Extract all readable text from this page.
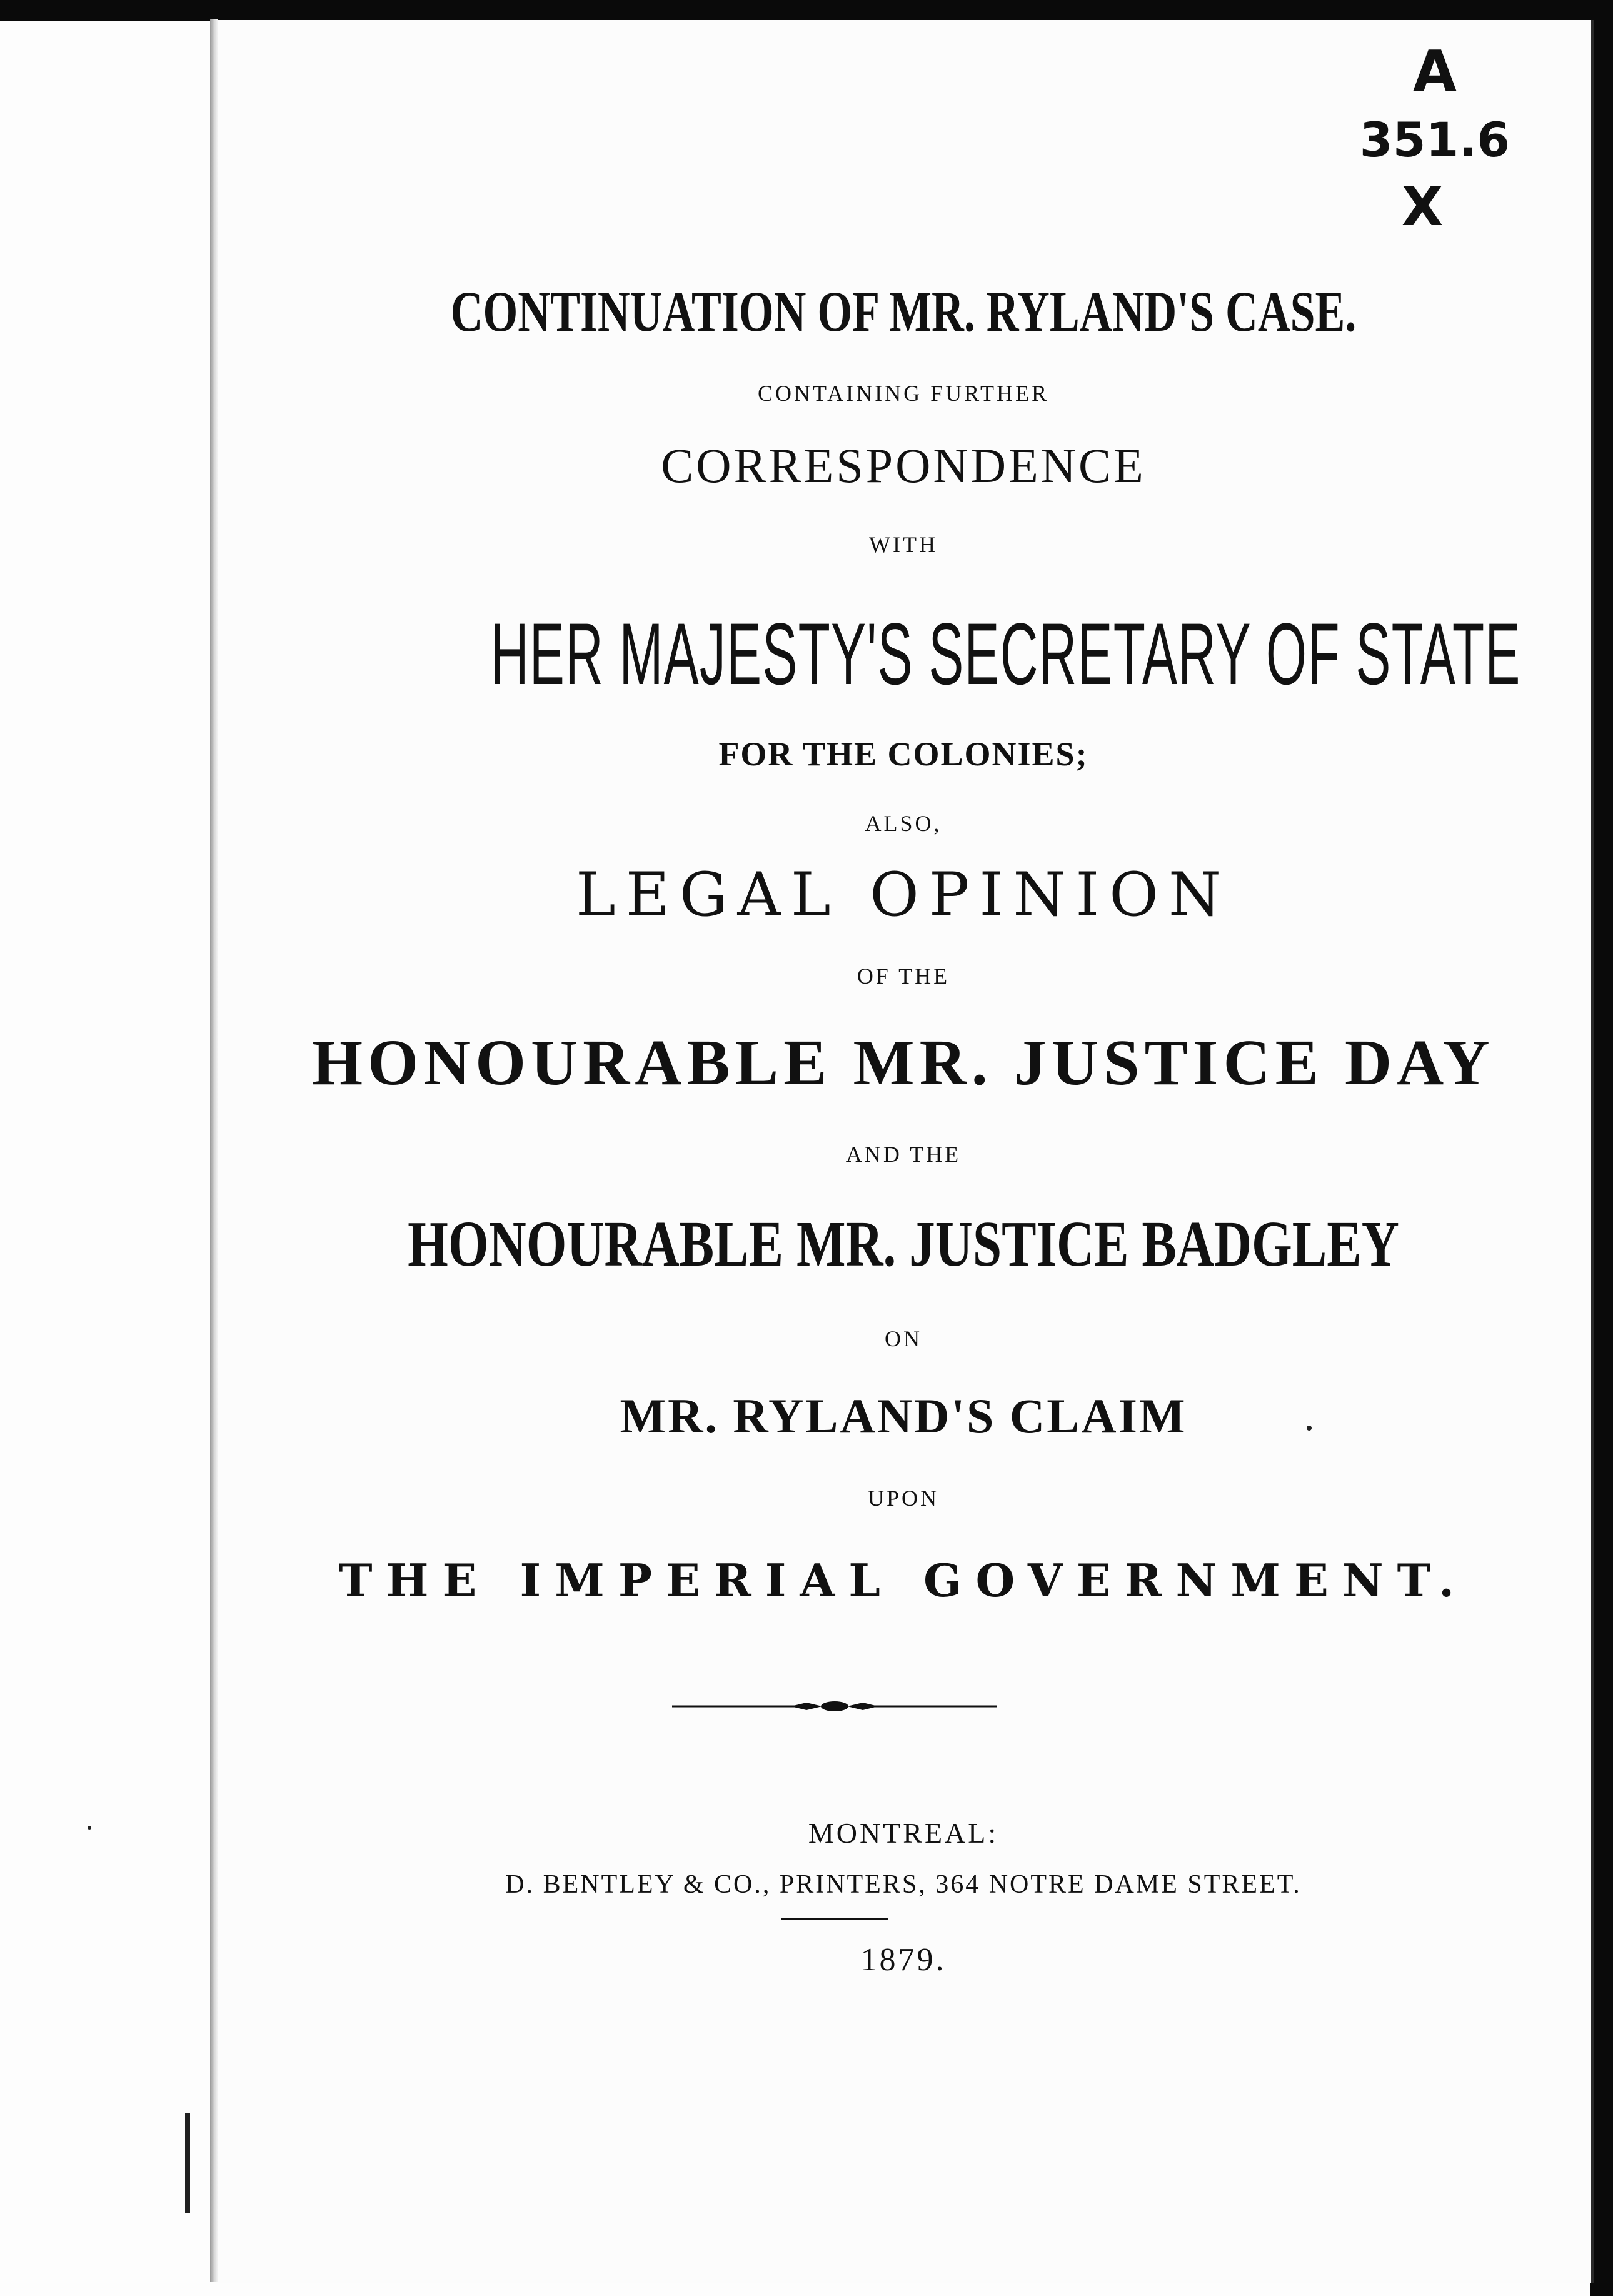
A
351.6
X
CONTINUATION OF MR. RYLAND'S CASE.
CONTAINING FURTHER
CORRESPONDENCE
WITH
HER MAJESTY'S SECRETARY OF STATE
FOR THE COLONIES;
ALSO,
LEGAL OPINION
OF THE
HONOURABLE MR. JUSTICE DAY
AND THE
HONOURABLE MR. JUSTICE BADGLEY
ON
MR. RYLAND'S CLAIM
UPON
THE IMPERIAL GOVERNMENT.
MONTREAL:
D. BENTLEY & CO., PRINTERS, 364 NOTRE DAME STREET.
1879.
